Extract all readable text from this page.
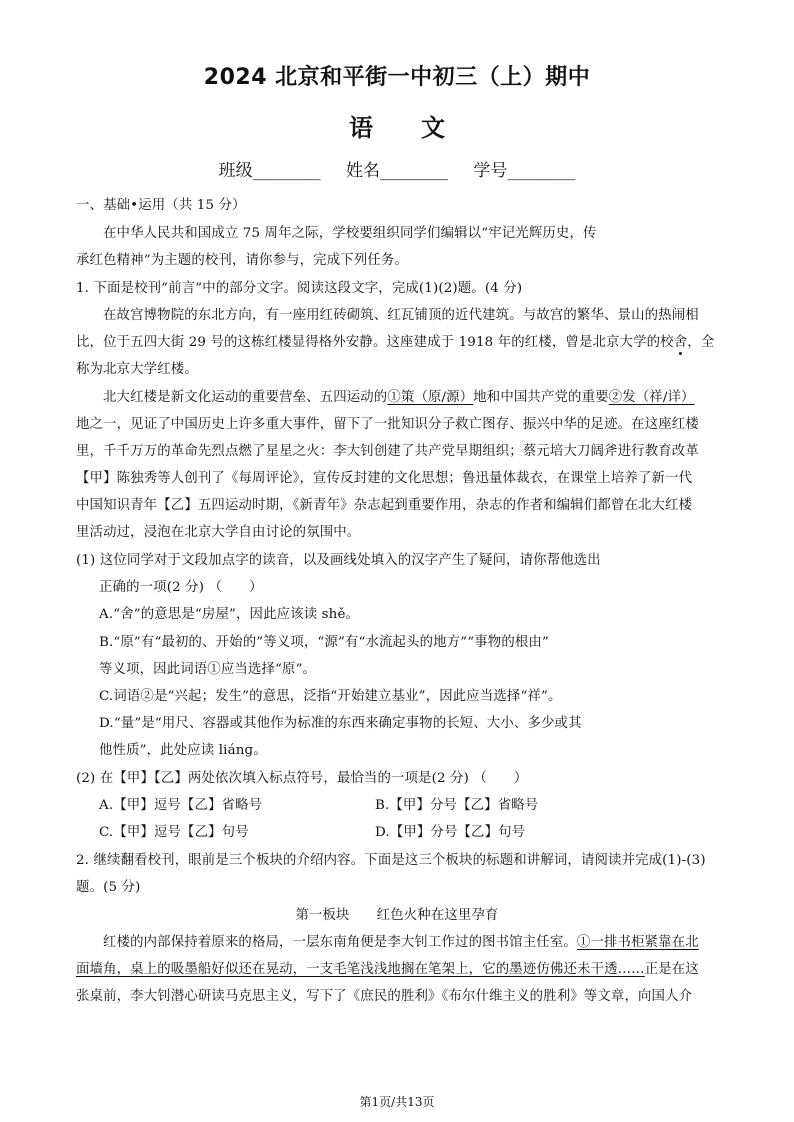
2024 北京和平街一中初三（上）期中
语文
班级________ 姓名________ 学号________
一、基础•运用（共 15 分）
在中华人民共和国成立 75 周年之际，学校要组织同学们编辑以“牢记光辉历史，传
承红色精神”为主题的校刊，请你参与，完成下列任务。
1. 下面是校刊“前言”中的部分文字。阅读这段文字，完成(1)(2)题。(4 分)
在故宫博物院的东北方向，有一座用红砖砌筑、红瓦铺顶的近代建筑。与故宫的繁华、景山的热闹相
比，位于五四大街 29 号的这栋红楼显得格外安静。这座建成于 1918 年的红楼，曾是北京大学的校舍，全
称为北京大学红楼。
北大红楼是新文化运动的重要营垒、五四运动的①策（原/源）地和中国共产党的重要②发（祥/详）
地之一，见证了中国历史上许多重大事件，留下了一批知识分子救亡图存、振兴中华的足迹。在这座红楼
里，千千万万的革命先烈点燃了星星之火：李大钊创建了共产党早期组织；蔡元培大刀阔斧进行教育改革
【甲】陈独秀等人创刊了《每周评论》，宣传反封建的文化思想；鲁迅量体裁衣，在课堂上培养了新一代
中国知识青年【乙】五四运动时期，《新青年》杂志起到重要作用，杂志的作者和编辑们都曾在北大红楼
里活动过，浸泡在北京大学自由讨论的氛围中。
(1) 这位同学对于文段加点字的读音，以及画线处填入的汉字产生了疑问，请你帮他选出
正确的一项(2 分) （　　）
A.“舍”的意思是“房屋”，因此应该读 shě。
B.“原”有“最初的、开始的”等义项，“源”有“水流起头的地方”“事物的根由”
等义项，因此词语①应当选择“原”。
C.词语②是“兴起；发生”的意思，泛指“开始建立基业”，因此应当选择“祥”。
D.“量”是“用尺、容器或其他作为标准的东西来确定事物的长短、大小、多少或其
他性质”，此处应读 liánɡ。
(2) 在【甲】【乙】两处依次填入标点符号，最恰当的一项是(2 分) （　　）
A.【甲】逗号【乙】省略号	B.【甲】分号【乙】省略号
C.【甲】逗号【乙】句号	D.【甲】分号【乙】句号
2. 继续翻看校刊，眼前是三个板块的介绍内容。下面是这三个板块的标题和讲解词，请阅读并完成(1)-(3)
题。(5 分)
第一板块　　红色火种在这里孕育
红楼的内部保持着原来的格局，一层东南角便是李大钊工作过的图书馆主任室。①一排书柜紧靠在北
面墙角，桌上的吸墨船好似还在晃动，一支毛笔浅浅地搁在笔架上，它的墨迹仿佛还未干透……正是在这
张桌前，李大钊潜心研读马克思主义，写下了《庶民的胜利》《布尔什维主义的胜利》等文章，向国人介
第1页/共13页
